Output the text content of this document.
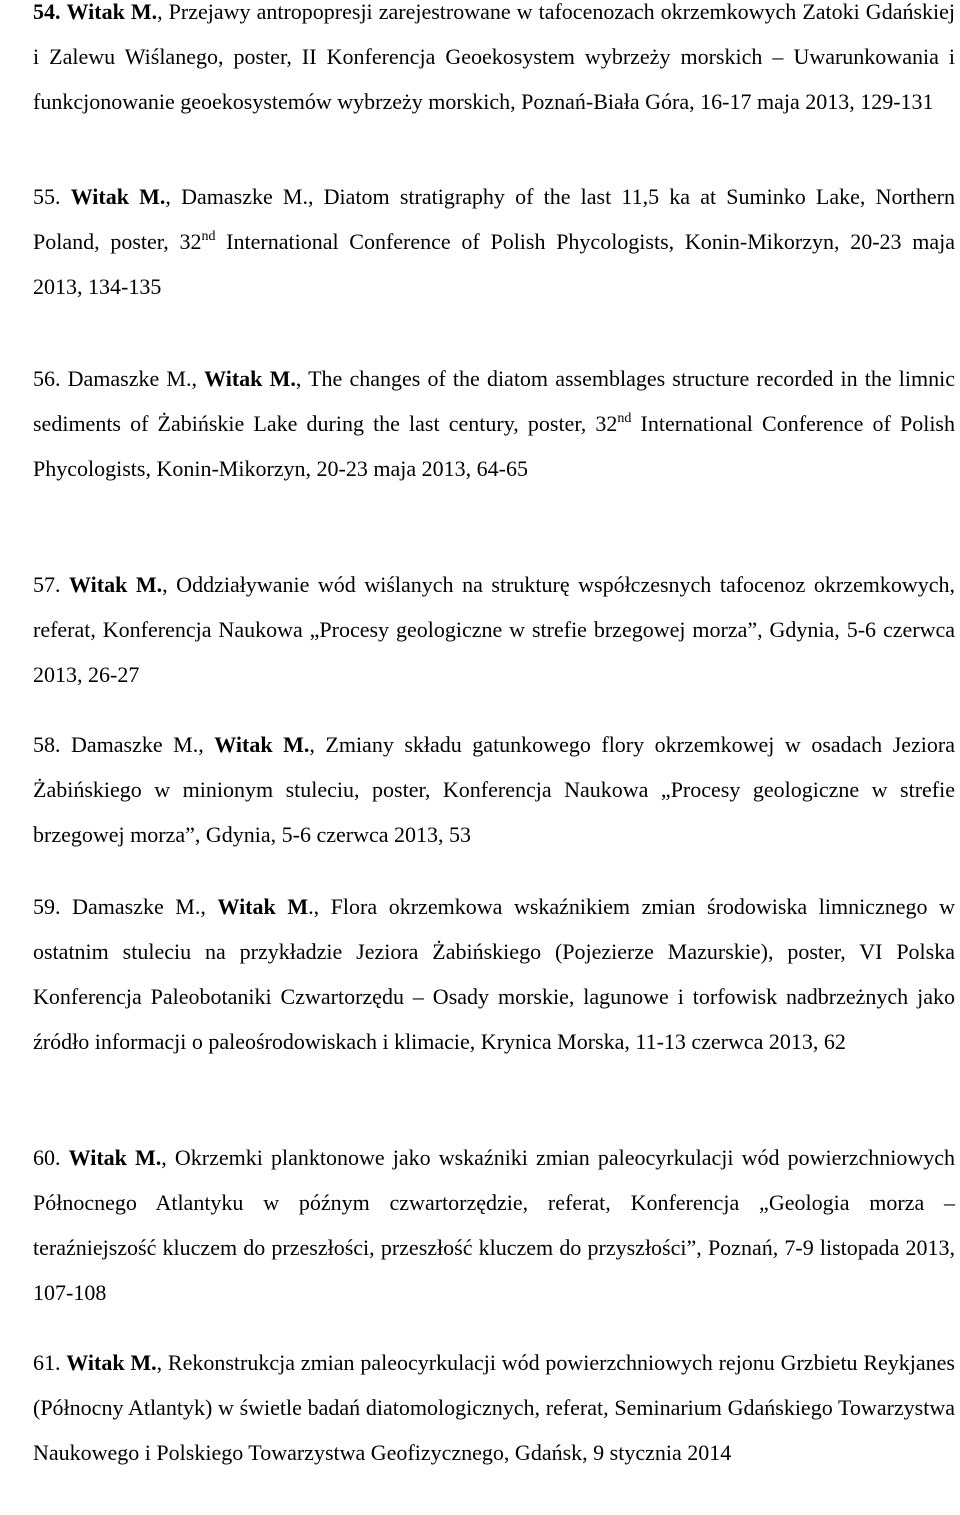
54. Witak M., Przejawy antropopresji zarejestrowane w tafocenozach okrzemkowych Zatoki Gdańskiej i Zalewu Wiślanego, poster, II Konferencja Geoekosystem wybrzeży morskich – Uwarunkowania i funkcjonowanie geoekosystemów wybrzeży morskich, Poznań-Biała Góra, 16-17 maja 2013, 129-131

55. Witak M., Damaszke M., Diatom stratigraphy of the last 11,5 ka at Suminko Lake, Northern Poland, poster, 32nd International Conference of Polish Phycologists, Konin-Mikorzyn, 20-23 maja 2013, 134-135

56. Damaszke M., Witak M., The changes of the diatom assemblages structure recorded in the limnic sediments of Żabińskie Lake during the last century, poster, 32nd International Conference of Polish Phycologists, Konin-Mikorzyn, 20-23 maja 2013, 64-65

57. Witak M., Oddziaływanie wód wiślanych na strukturę współczesnych tafocenoz okrzemkowych, referat, Konferencja Naukowa „Procesy geologiczne w strefie brzegowej morza”, Gdynia, 5-6 czerwca 2013, 26-27

58. Damaszke M., Witak M., Zmiany składu gatunkowego flory okrzemkowej w osadach Jeziora Żabińskiego w minionym stuleciu, poster, Konferencja Naukowa „Procesy geologiczne w strefie brzegowej morza”, Gdynia, 5-6 czerwca 2013, 53

59. Damaszke M., Witak M., Flora okrzemkowa wskaźnikiem zmian środowiska limnicznego w ostatnim stuleciu na przykładzie Jeziora Żabińskiego (Pojezierze Mazurskie), poster, VI Polska Konferencja Paleobotaniki Czwartorzędu – Osady morskie, lagunowe i torfowisk nadbrzeżnych jako źródło informacji o paleośrodowiskach i klimacie, Krynica Morska, 11-13 czerwca 2013, 62

60. Witak M., Okrzemki planktonowe jako wskaźniki zmian paleocyrkulacji wód powierzchniowych Północnego Atlantyku w późnym czwartorzędzie, referat, Konferencja „Geologia morza – teraźniejszość kluczem do przeszłości, przeszłość kluczem do przyszłości”, Poznań, 7-9 listopada 2013, 107-108

61. Witak M., Rekonstrukcja zmian paleocyrkulacji wód powierzchniowych rejonu Grzbietu Reykjanes (Północny Atlantyk) w świetle badań diatomologicznych, referat, Seminarium Gdańskiego Towarzystwa Naukowego i Polskiego Towarzystwa Geofizycznego, Gdańsk, 9 stycznia 2014
